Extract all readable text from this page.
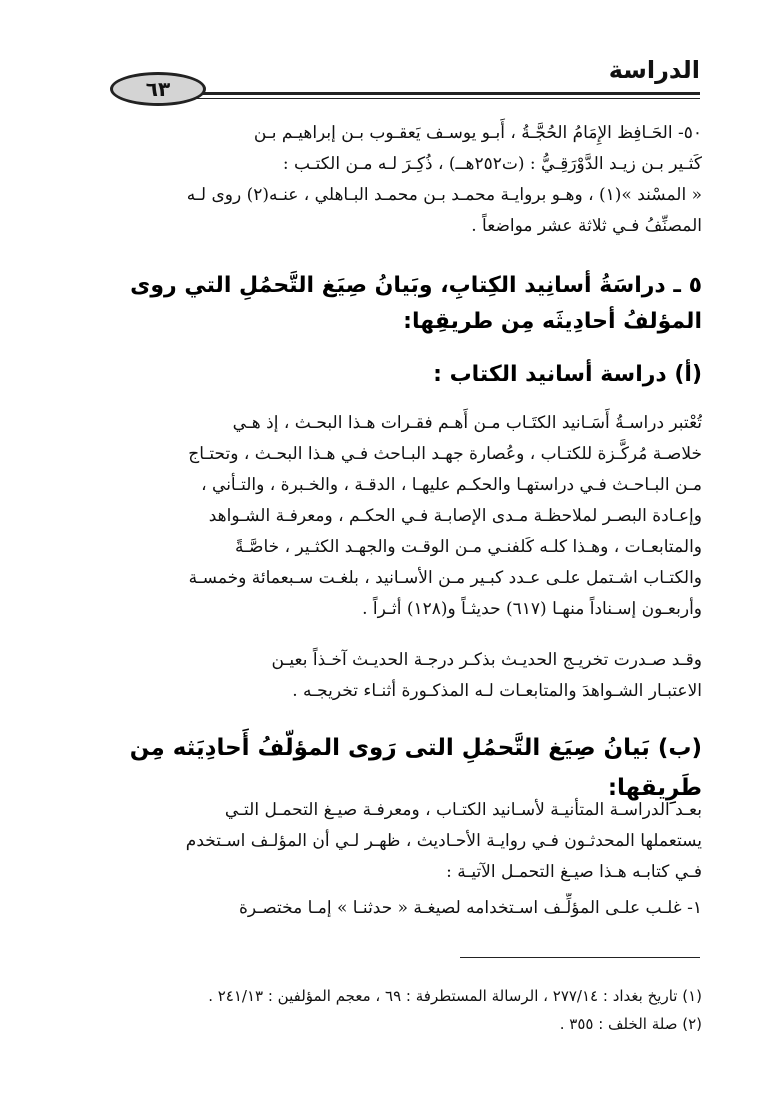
٦٣
الدراسة
٥٠- الحَـافِظ الإِمَامُ الحُجَّـةُ ، أَبـو يوسـف يَعقـوب بـن إبراهيـم بـن
كَثـير بـن زيـد الدَّوْرَقِـيُّ : (ت٢٥٢هــ) ، ذُكِـرَ لـه مـن الكتـب :
« المسْند »(١) ، وهـو بروايـة محمـد بـن محمـد البـاهلي ، عنـه(٢) روى لـه
المصنِّفُ فـي ثلاثة عشر مواضعاً .
٥ ـ دراسَةُ أسانِيد الكِتابِ، وبَيانُ صِيَغ التَّحمُلِ التي روى
المؤلفُ أحادِيثَه مِن طريقِها:
(أ) دراسة أسانيد الكتاب :
تُعْتبر دراسـةُ أَسَـانيد الكتَـاب مـن أَهـم فقـرات هـذا البحـث ، إذ هـي
خلاصـة مُركَّـزة للكتـاب ، وعُصارة جهـد البـاحث فـي هـذا البحـث ، وتحتـاج
مـن البـاحـث فـي دراستهـا والحكـم عليهـا ، الدقـة ، والخـبرة ، والتـأني ،
وإعـادة البصـر لملاحظـة مـدى الإصابـة فـي الحكـم ، ومعرفـة الشـواهد
والمتابعـات ، وهـذا كلـه كَلفنـي مـن الوقـت والجهـد الكثـير ، خاصَّـةً
والكتـاب اشـتمل علـى عـدد كبـير مـن الأسـانيد ، بلغـت سـبعمائة وخمسـة
وأربعـون إسـناداً منهـا (٦١٧) حديثـاً و(١٢٨) أثـراً .
وقـد صـدرت تخريـج الحديـث بذكـر درجـة الحديـث آخـذاً بعيـن
الاعتبـار الشـواهدَ والمتابعـات لـه المذكـورة أثنـاء تخريجـه .
(ب) بَيانُ صِيَغ التَّحمُلِ التى رَوى المؤلّفُ أَحادِيَثه مِن طَرِيقها:
بعـد الدراسـة المتأنيـة لأسـانيد الكتـاب ، ومعرفـة صيـغ التحمـل التـي
يستعملها المحدثـون فـي روايـة الأحـاديث ، ظهـر لـي أن المؤلـف اسـتخدم
فـي كتابـه هـذا صيـغ التحمـل الآتيـة :
١- غلـب علـى المؤلِّـف اسـتخدامه لصيغـة « حدثنـا » إمـا مختصـرة
(١) تاريخ بغداد : ٢٧٧/١٤ ، الرسالة المستطرفة : ٦٩ ، معجم المؤلفين : ٢٤١/١٣ .
(٢) صلة الخلف : ٣٥٥ .
